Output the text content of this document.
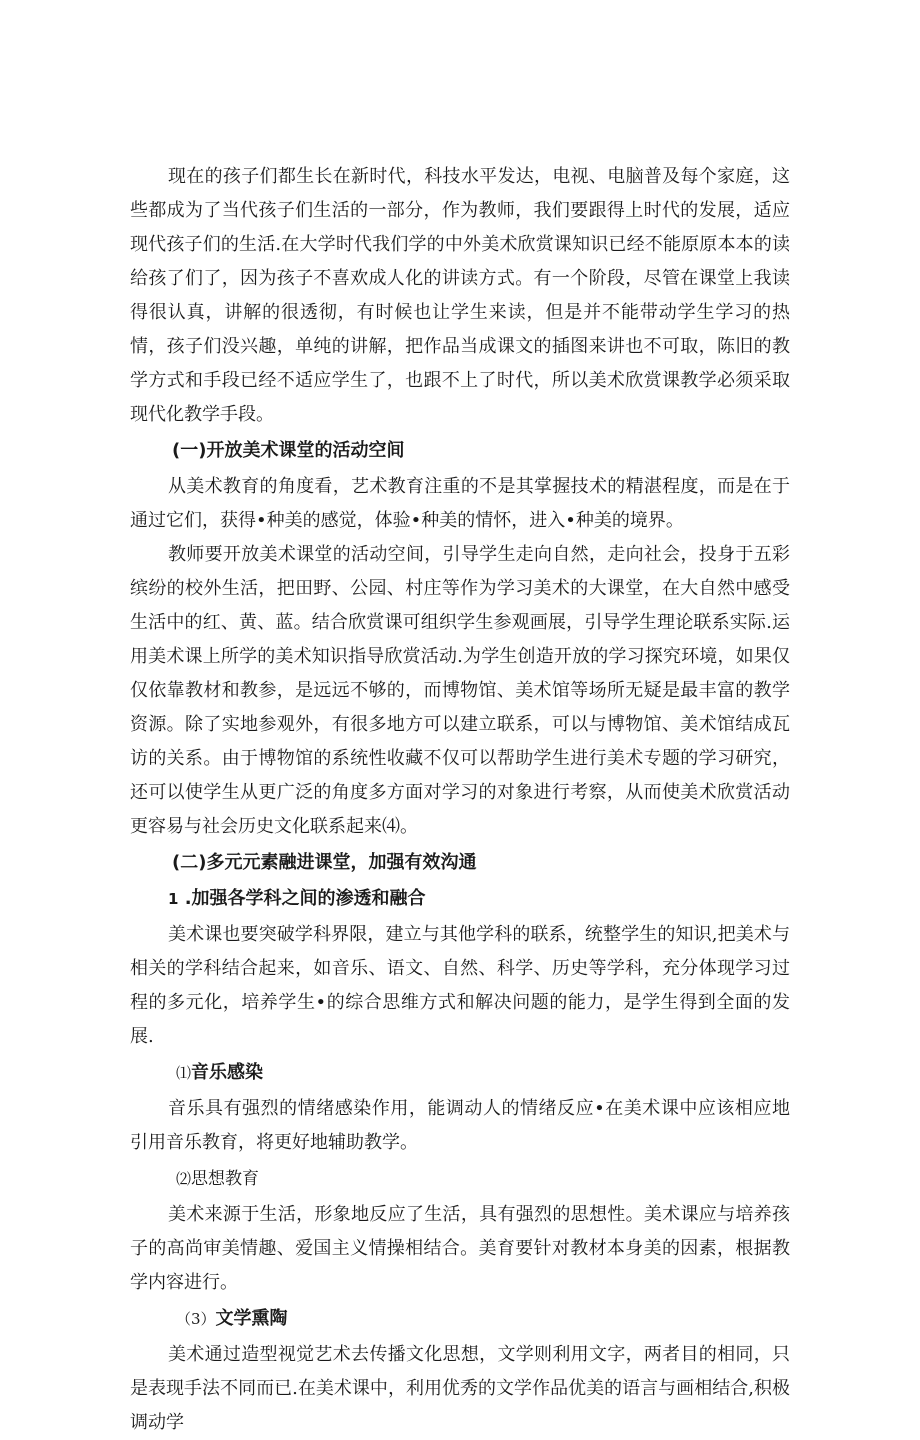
现在的孩子们都生长在新时代，科技水平发达，电视、电脑普及每个家庭，这些都成为了当代孩子们生活的一部分，作为教师，我们要跟得上时代的发展，适应现代孩子们的生活.在大学时代我们学的中外美术欣赏课知识已经不能原原本本的读给孩了们了，因为孩子不喜欢成人化的讲读方式。有一个阶段，尽管在课堂上我读得很认真，讲解的很透彻，有时候也让学生来读，但是并不能带动学生学习的热情，孩子们没兴趣，单纯的讲解，把作品当成课文的插图来讲也不可取，陈旧的教学方式和手段已经不适应学生了，也跟不上了时代，所以美术欣赏课教学必须采取现代化教学手段。

(一)开放美术课堂的活动空间

从美术教育的角度看，艺术教育注重的不是其掌握技术的精湛程度，而是在于通过它们，获得•种美的感觉，体验•种美的情怀，进入•种美的境界。

教师要开放美术课堂的活动空间，引导学生走向自然，走向社会，投身于五彩缤纷的校外生活，把田野、公园、村庄等作为学习美术的大课堂，在大自然中感受生活中的红、黄、蓝。结合欣赏课可组织学生参观画展，引导学生理论联系实际.运用美术课上所学的美术知识指导欣赏活动.为学生创造开放的学习探究环境，如果仅仅依靠教材和教参，是远远不够的，而博物馆、美术馆等场所无疑是最丰富的教学资源。除了实地参观外，有很多地方可以建立联系，可以与博物馆、美术馆结成瓦访的关系。由于博物馆的系统性收藏不仅可以帮助学生进行美术专题的学习研究，还可以使学生从更广泛的角度多方面对学习的对象进行考察，从而使美术欣赏活动更容易与社会历史文化联系起来⑷。

(二)多元元素融进课堂，加强有效沟通
1 .加强各学科之间的渗透和融合

美术课也要突破学科界限，建立与其他学科的联系，统整学生的知识,把美术与相关的学科结合起来，如音乐、语文、自然、科学、历史等学科，充分体现学习过程的多元化，培养学生•的综合思维方式和解决问题的能力，是学生得到全面的发展.

⑴音乐感染

音乐具有强烈的情绪感染作用，能调动人的情绪反应•在美术课中应该相应地引用音乐教育，将更好地辅助教学。

⑵思想教育

美术来源于生活，形象地反应了生活，具有强烈的思想性。美术课应与培养孩子的高尚审美情趣、爱国主义情操相结合。美育要针对教材本身美的因素，根据教学内容进行。

（3）文学熏陶

美术通过造型视觉艺术去传播文化思想，文学则利用文字，两者目的相同，只是表现手法不同而已.在美术课中，利用优秀的文学作品优美的语言与画相结合,积极调动学
